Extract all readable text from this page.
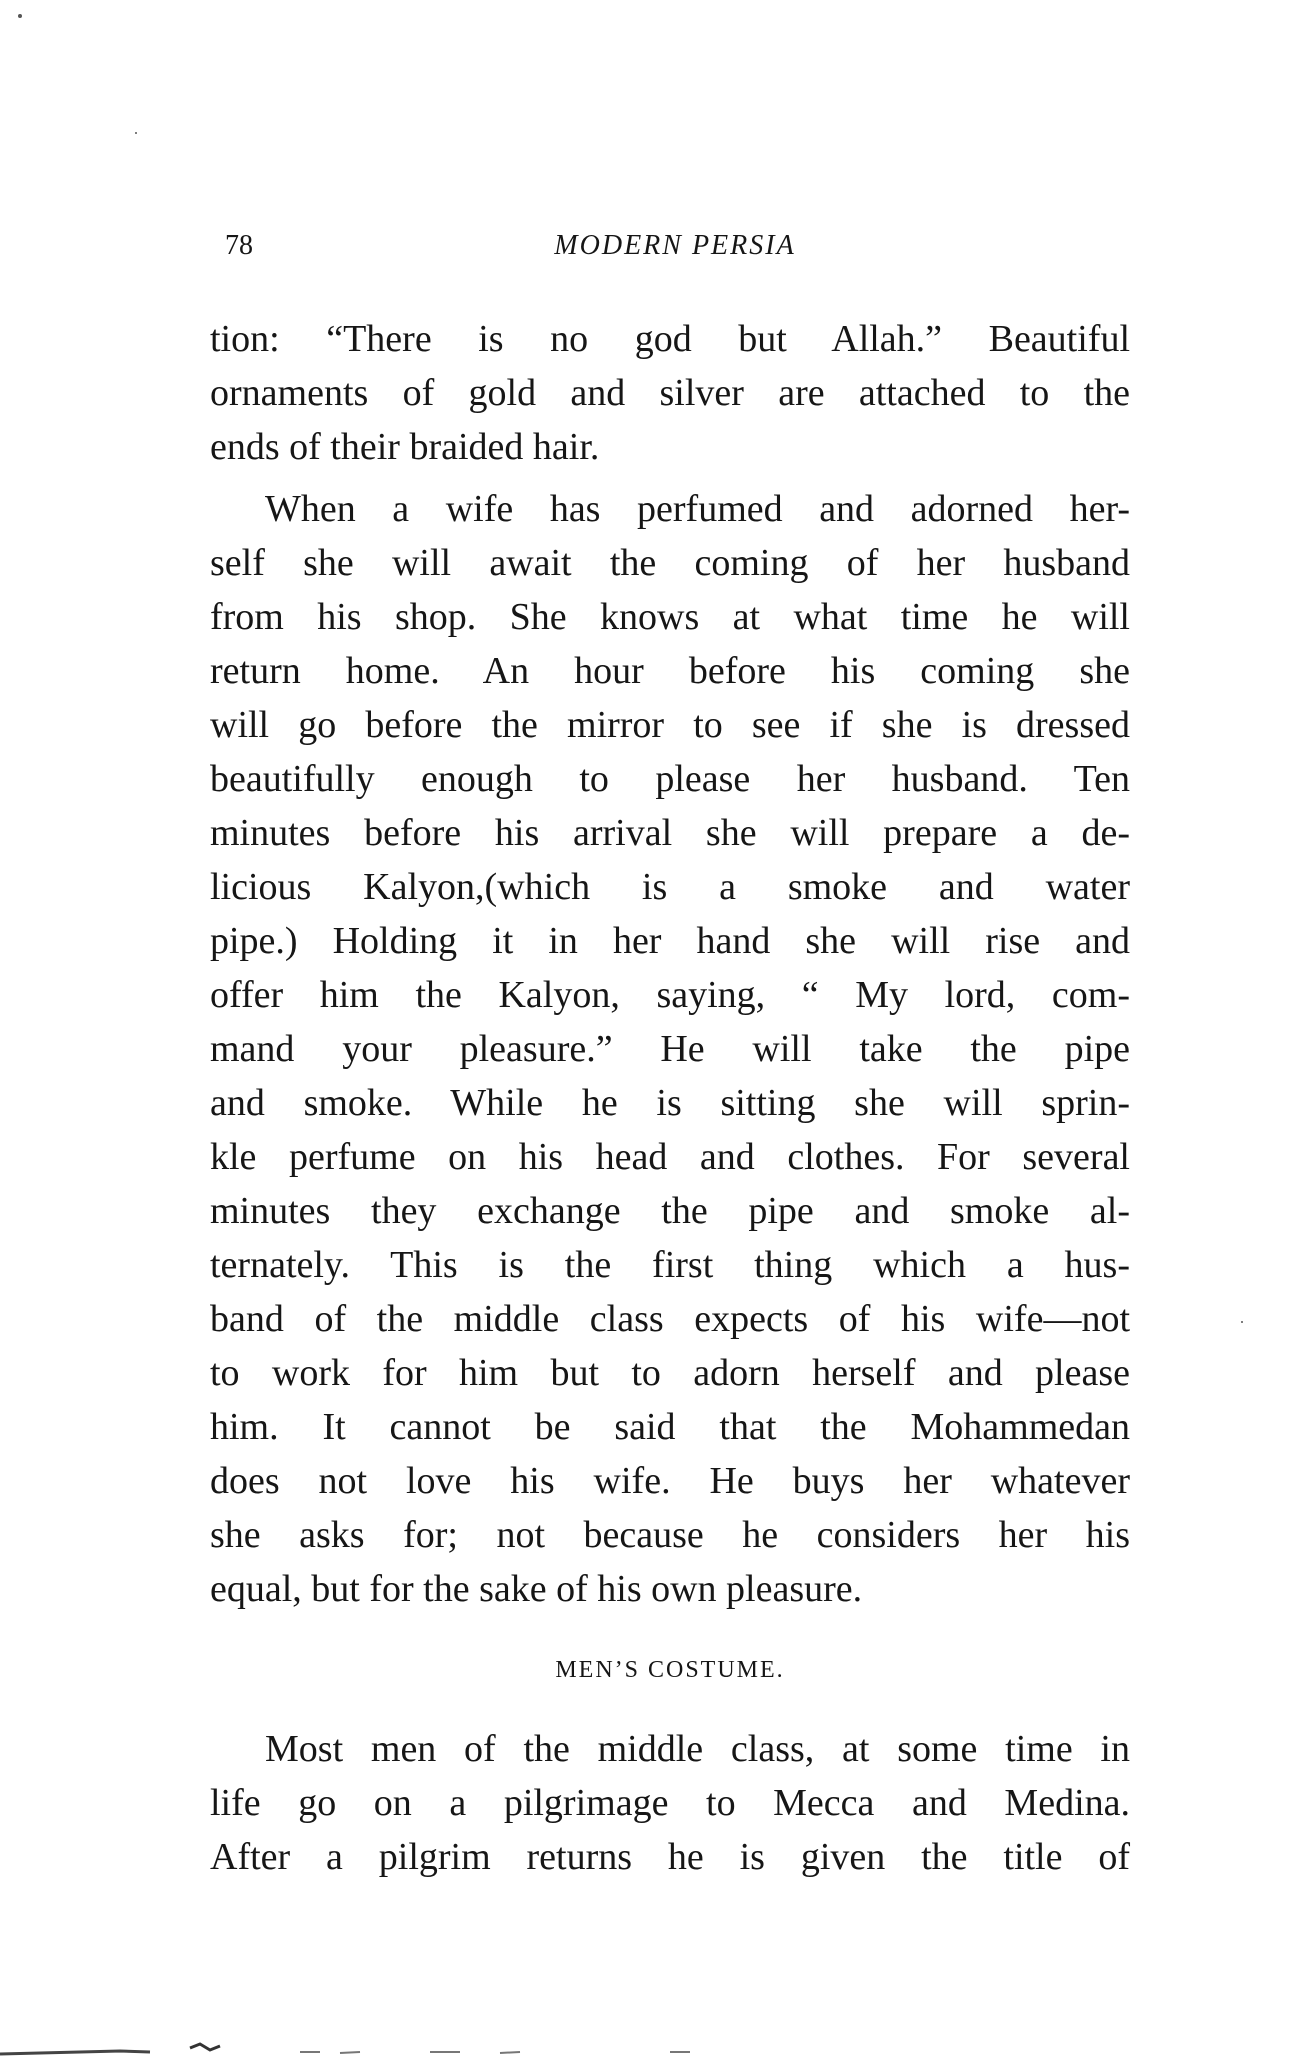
78	MODERN PERSIA
tion: “There is no god but Allah.” Beautiful
ornaments of gold and silver are attached to the
ends of their braided hair.
When a wife has perfumed and adorned her-
self she will await the coming of her husband
from his shop. She knows at what time he will
return home. An hour before his coming she
will go before the mirror to see if she is dressed
beautifully enough to please her husband. Ten
minutes before his arrival she will prepare a de-
licious Kalyon,(which is a smoke and water
pipe.) Holding it in her hand she will rise and
offer him the Kalyon, saying, “ My lord, com-
mand your pleasure.” He will take the pipe
and smoke. While he is sitting she will sprin-
kle perfume on his head and clothes. For several
minutes they exchange the pipe and smoke al-
ternately. This is the first thing which a hus-
band of the middle class expects of his wife—not
to work for him but to adorn herself and please
him. It cannot be said that the Mohammedan
does not love his wife. He buys her whatever
she asks for; not because he considers her his
equal, but for the sake of his own pleasure.
MEN’S COSTUME.
Most men of the middle class, at some time in
life go on a pilgrimage to Mecca and Medina.
After a pilgrim returns he is given the title of
